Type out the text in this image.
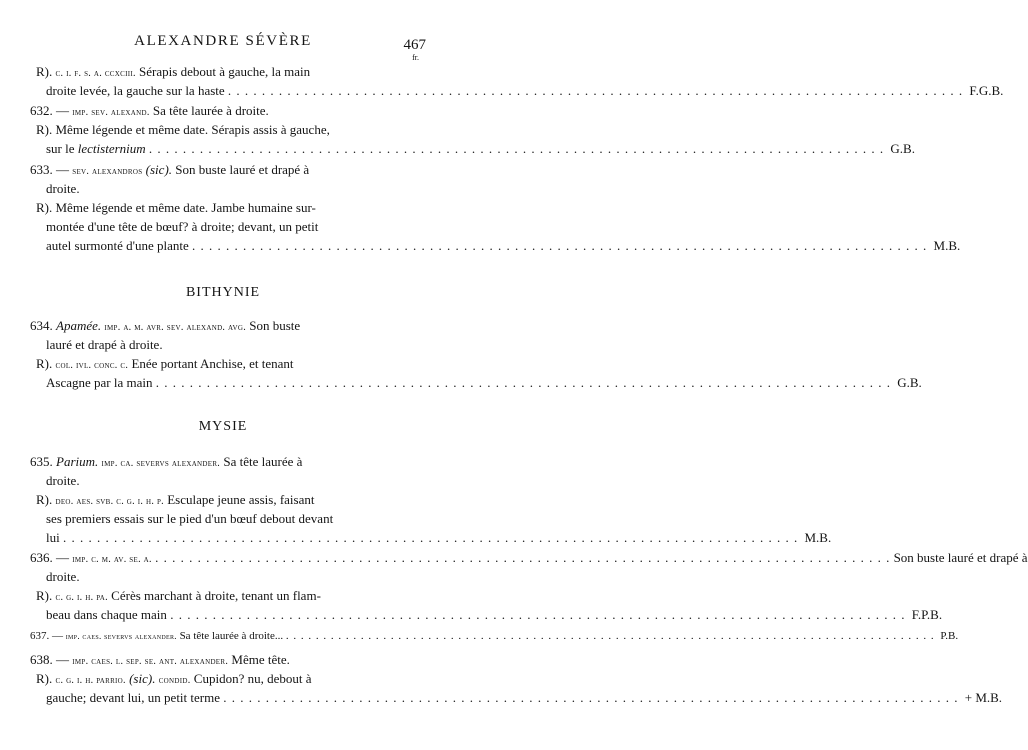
ALEXANDRE SÉVÈRE	467
fr.
R). c. i. f. s. a. ccxciii. Sérapis debout à gauche, la main
droite levée, la gauche sur la haste . . .	F.G.B.
632. — imp. sev. alexand. Sa tête laurée à droite.
R). Même légende et même date. Sérapis assis à gauche,
sur le lectisternium . . .	G.B.
633. — sev. alexandros (sic). Son buste lauré et drapé à
droite.
R). Même légende et même date. Jambe humaine sur-
montée d'une tête de bœuf? à droite; devant, un petit
autel surmonté d'une plante . . .	M.B.
BITHYNIE
634. Apamée. imp. a. m. avr. sev. alexand. avg. Son buste
lauré et drapé à droite.
R). col. ivl. conc. c. Enée portant Anchise, et tenant
Ascagne par la main . . .	G.B.
MYSIE
635. Parium. imp. ca. severvs alexander. Sa tête laurée à
droite.
R). deo. aes. svb. c. g. i. h. p. Esculape jeune assis, faisant
ses premiers essais sur le pied d'un bœuf debout devant
lui . . .	M.B.
636. — imp. c. m. av. se. a. . . .	Son buste lauré et drapé à
droite.
R). c. g. i. h. pa. Cérès marchant à droite, tenant un flam-
beau dans chaque main . . .	F.P.B.
637. — imp. caes. severvs alexander. Sa tête laurée à droite... . . .	P.B.
638. — imp. caes. l. sep. se. ant. alexander. Même tête.
R). c. g. i. h. parrio. (sic). condid. Cupidon? nu, debout à
gauche; devant lui, un petit terme . . .	+ M.B.
